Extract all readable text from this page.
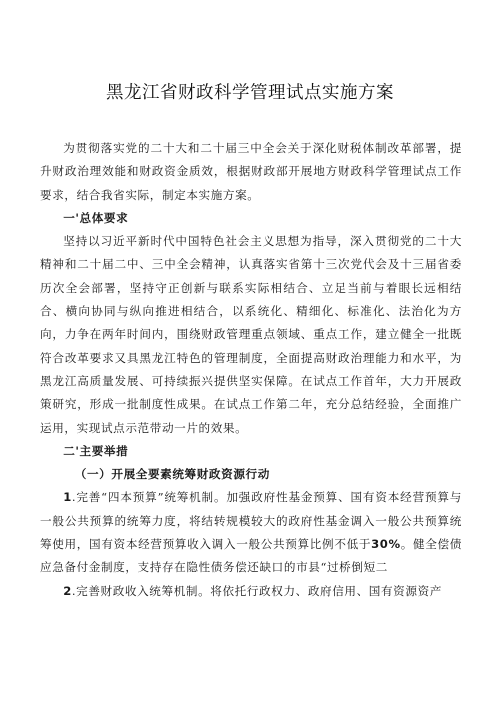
黑龙江省财政科学管理试点实施方案

为贯彻落实党的二十大和二十届三中全会关于深化财税体制改革部署，提升财政治理效能和财政资金质效，根据财政部开展地方财政科学管理试点工作要求，结合我省实际，制定本实施方案。

一'总体要求

坚持以习近平新时代中国特色社会主义思想为指导，深入贯彻党的二十大精神和二十届二中、三中全会精神，认真落实省第十三次党代会及十三届省委历次全会部署，坚持守正创新与联系实际相结合、立足当前与着眼长远相结合、横向协同与纵向推进相结合，以系统化、精细化、标准化、法治化为方向，力争在两年时间内，围绕财政管理重点领域、重点工作，建立健全一批既符合改革要求又具黑龙江特色的管理制度，全面提高财政治理能力和水平，为黑龙江高质量发展、可持续振兴提供坚实保障。在试点工作首年，大力开展政策研究，形成一批制度性成果。在试点工作第二年，充分总结经验，全面推广运用，实现试点示范带动一片的效果。

二'主要举措

（一）开展全要素统筹财政资源行动

1.完善“四本预算”统筹机制。加强政府性基金预算、国有资本经营预算与一般公共预算的统筹力度，将结转规模较大的政府性基金调入一般公共预算统筹使用，国有资本经营预算收入调入一般公共预算比例不低于30%。健全偿债应急备付金制度，支持存在隐性债务偿还缺口的市县“过桥倒短二

2.完善财政收入统筹机制。将依托行政权力、政府信用、国有资源资产
